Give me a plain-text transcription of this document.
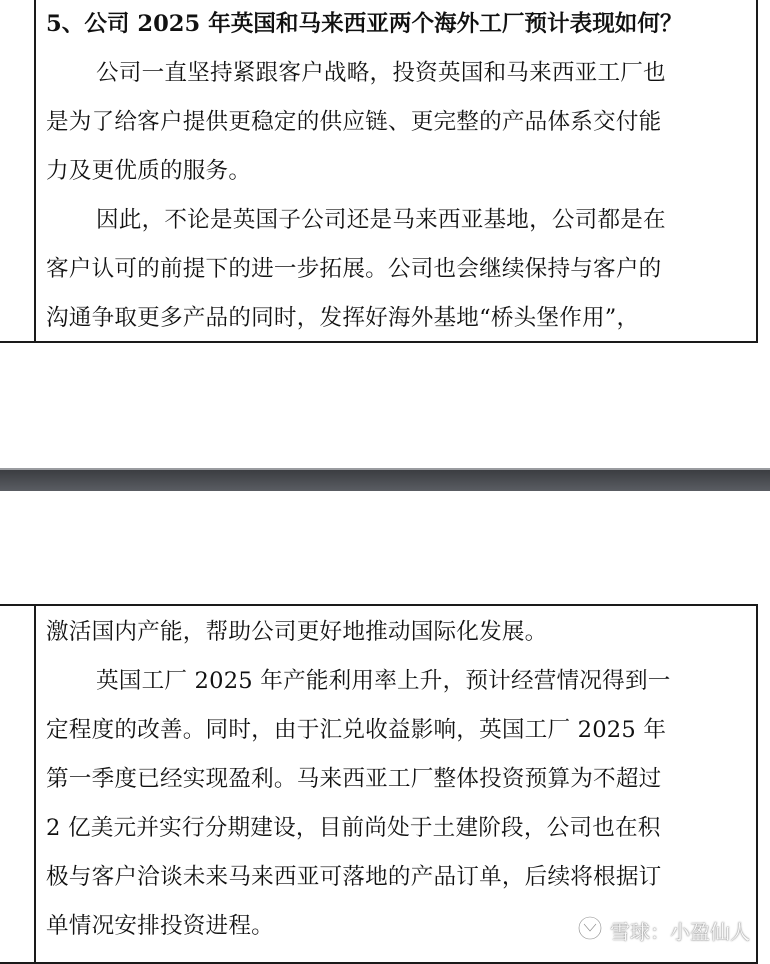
5、公司 2025 年英国和马来西亚两个海外工厂预计表现如何？
公司一直坚持紧跟客户战略，投资英国和马来西亚工厂也
是为了给客户提供更稳定的供应链、更完整的产品体系交付能
力及更优质的服务。
因此，不论是英国子公司还是马来西亚基地，公司都是在
客户认可的前提下的进一步拓展。公司也会继续保持与客户的
沟通争取更多产品的同时，发挥好海外基地“桥头堡作用”，
激活国内产能，帮助公司更好地推动国际化发展。
英国工厂 2025 年产能利用率上升，预计经营情况得到一
定程度的改善。同时，由于汇兑收益影响，英国工厂 2025 年
第一季度已经实现盈利。马来西亚工厂整体投资预算为不超过
2 亿美元并实行分期建设，目前尚处于土建阶段，公司也在积
极与客户洽谈未来马来西亚可落地的产品订单，后续将根据订
单情况安排投资进程。	雪球：小盈仙人
